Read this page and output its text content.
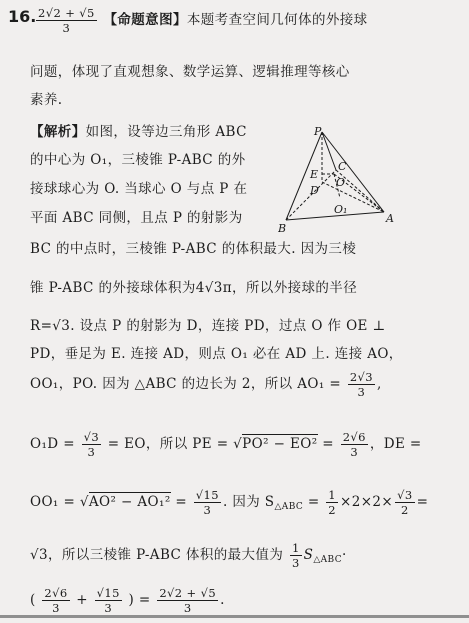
16. $\frac{2√2 + √5}{3}$ 【命题意图】本题考查空间几何体的外接球
问题，体现了直观想象、数学运算、逻辑推理等核心
素养.
【解析】如图，设等边三角形 ABC
的中心为 O₁，三棱锥 P-ABC 的外
接球球心为 O. 当球心 O 与点 P 在
平面 ABC 同侧，且点 P 的射影为
BC 的中点时，三棱锥 P-ABC 的体积最大. 因为三棱
锥 P-ABC 的外接球体积为4√3π，所以外接球的半径
R=√3. 设点 P 的射影为 D，连接 PD，过点 O 作 OE ⊥
PD，垂足为 E. 连接 AD，则点 O₁ 必在 AD 上. 连接 AO，
OO₁，PO. 因为 △ABC 的边长为 2，所以 $AO_1 = \frac{2√3}{3}$ ,
$O_1D = \frac{√3}{3}$ = EO，所以 PE = $√PO^2 - EO^2 = \frac{2√6}{3}$ ，DE =
$OO_1 = √AO^2 - AO_1^2 = \frac{√15}{3}$ . 因为 $S_{\triangle ABC} = \frac{1}{2} \times 2\times 2\times \frac{√3}{2}$ =
√3，所以三棱锥 P-ABC 体积的最大值为 $\frac{1}{3} S_{\triangle ABC}\cdot$
( $\frac{2√6}{3} + \frac{√15}{3}$ ) = $\frac{2√2 + √5}{3}$ .
P
E
C
O
D
O₁
A
B
